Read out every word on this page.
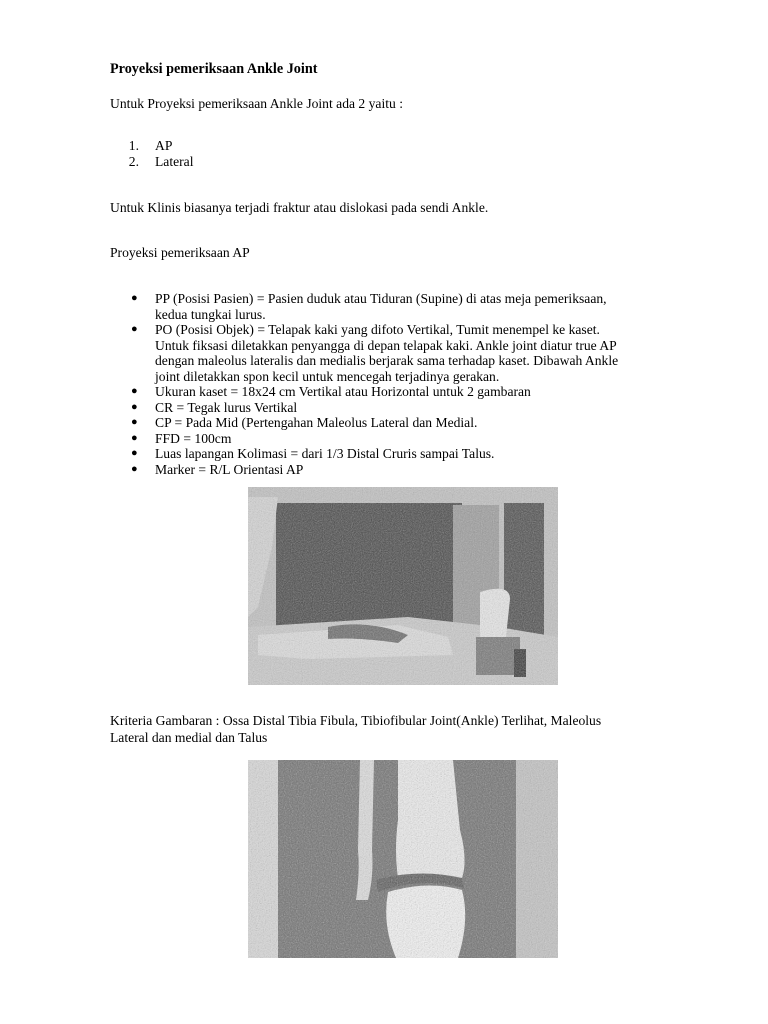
Proyeksi pemeriksaan Ankle Joint
Untuk Proyeksi pemeriksaan Ankle Joint ada 2 yaitu :
1.	AP
2.	Lateral
Untuk Klinis biasanya terjadi fraktur atau dislokasi pada sendi Ankle.
Proyeksi pemeriksaan AP
● PP (Posisi Pasien) = Pasien duduk atau Tiduran (Supine) di atas meja pemeriksaan,
kedua tungkai lurus.
● PO (Posisi Objek) = Telapak kaki yang difoto Vertikal, Tumit menempel ke kaset.
Untuk fiksasi diletakkan penyangga di depan telapak kaki. Ankle joint diatur true AP
dengan maleolus lateralis dan medialis berjarak sama terhadap kaset. Dibawah Ankle
joint diletakkan spon kecil untuk mencegah terjadinya gerakan.
● Ukuran kaset = 18x24 cm Vertikal atau Horizontal untuk 2 gambaran
● CR = Tegak lurus Vertikal
● CP = Pada Mid (Pertengahan Maleolus Lateral dan Medial.
● FFD = 100cm
● Luas lapangan Kolimasi = dari 1/3 Distal Cruris sampai Talus.
● Marker = R/L Orientasi AP
Kriteria Gambaran : Ossa Distal Tibia Fibula, Tibiofibular Joint(Ankle) Terlihat, Maleolus
Lateral dan medial dan Talus
